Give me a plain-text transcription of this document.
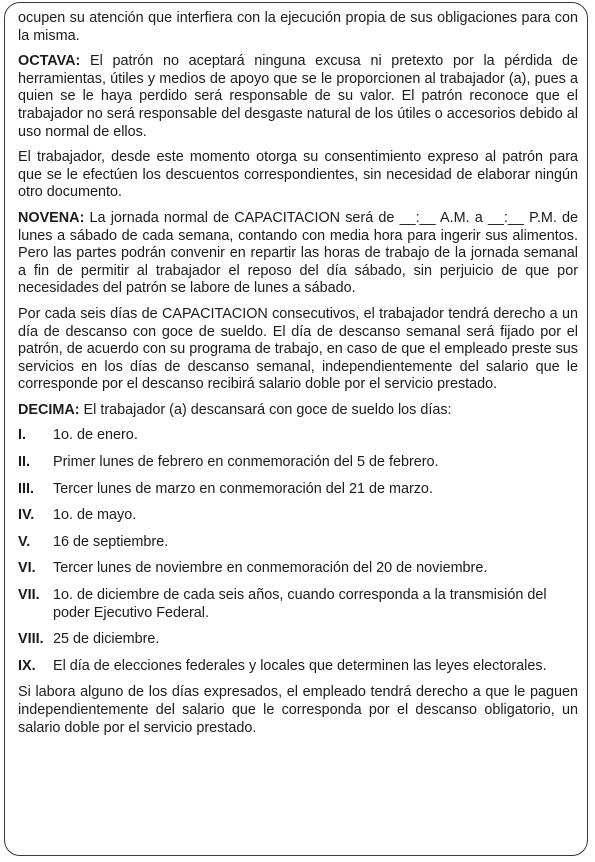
ocupen su atención que interfiera con la ejecución propia de sus obligaciones para con la misma.

OCTAVA: El patrón no aceptará ninguna excusa ni pretexto por la pérdida de herramientas, útiles y medios de apoyo que se le proporcionen al trabajador (a), pues a quien se le haya perdido será responsable de su valor. El patrón reconoce que el trabajador no será responsable del desgaste natural de los útiles o accesorios debido al uso normal de ellos.

El trabajador, desde este momento otorga su consentimiento expreso al patrón para que se le efectúen los descuentos correspondientes, sin necesidad de elaborar ningún otro documento.

NOVENA: La jornada normal de CAPACITACION será de __:__ A.M. a __:__ P.M. de lunes a sábado de cada semana, contando con media hora para ingerir sus alimentos. Pero las partes podrán convenir en repartir las horas de trabajo de la jornada semanal a fin de permitir al trabajador el reposo del día sábado, sin perjuicio de que por necesidades del patrón se labore de lunes a sábado.

Por cada seis días de CAPACITACION consecutivos, el trabajador tendrá derecho a un día de descanso con goce de sueldo. El día de descanso semanal será fijado por el patrón, de acuerdo con su programa de trabajo, en caso de que el empleado preste sus servicios en los días de descanso semanal, independientemente del salario que le corresponde por el descanso recibirá salario doble por el servicio prestado.

DECIMA: El trabajador (a) descansará con goce de sueldo los días:

I.	1o. de enero.
II.	Primer lunes de febrero en conmemoración del 5 de febrero.
III.	Tercer lunes de marzo en conmemoración del 21 de marzo.
IV.	1o. de mayo.
V.	16 de septiembre.
VI.	Tercer lunes de noviembre en conmemoración del 20 de noviembre.
VII. 1o. de diciembre de cada seis años, cuando corresponda a la transmisión del poder Ejecutivo Federal.
VIII. 25 de diciembre.
IX.	El día de elecciones federales y locales que determinen las leyes electorales.

Si labora alguno de los días expresados, el empleado tendrá derecho a que le paguen independientemente del salario que le corresponda por el descanso obligatorio, un salario doble por el servicio prestado.
